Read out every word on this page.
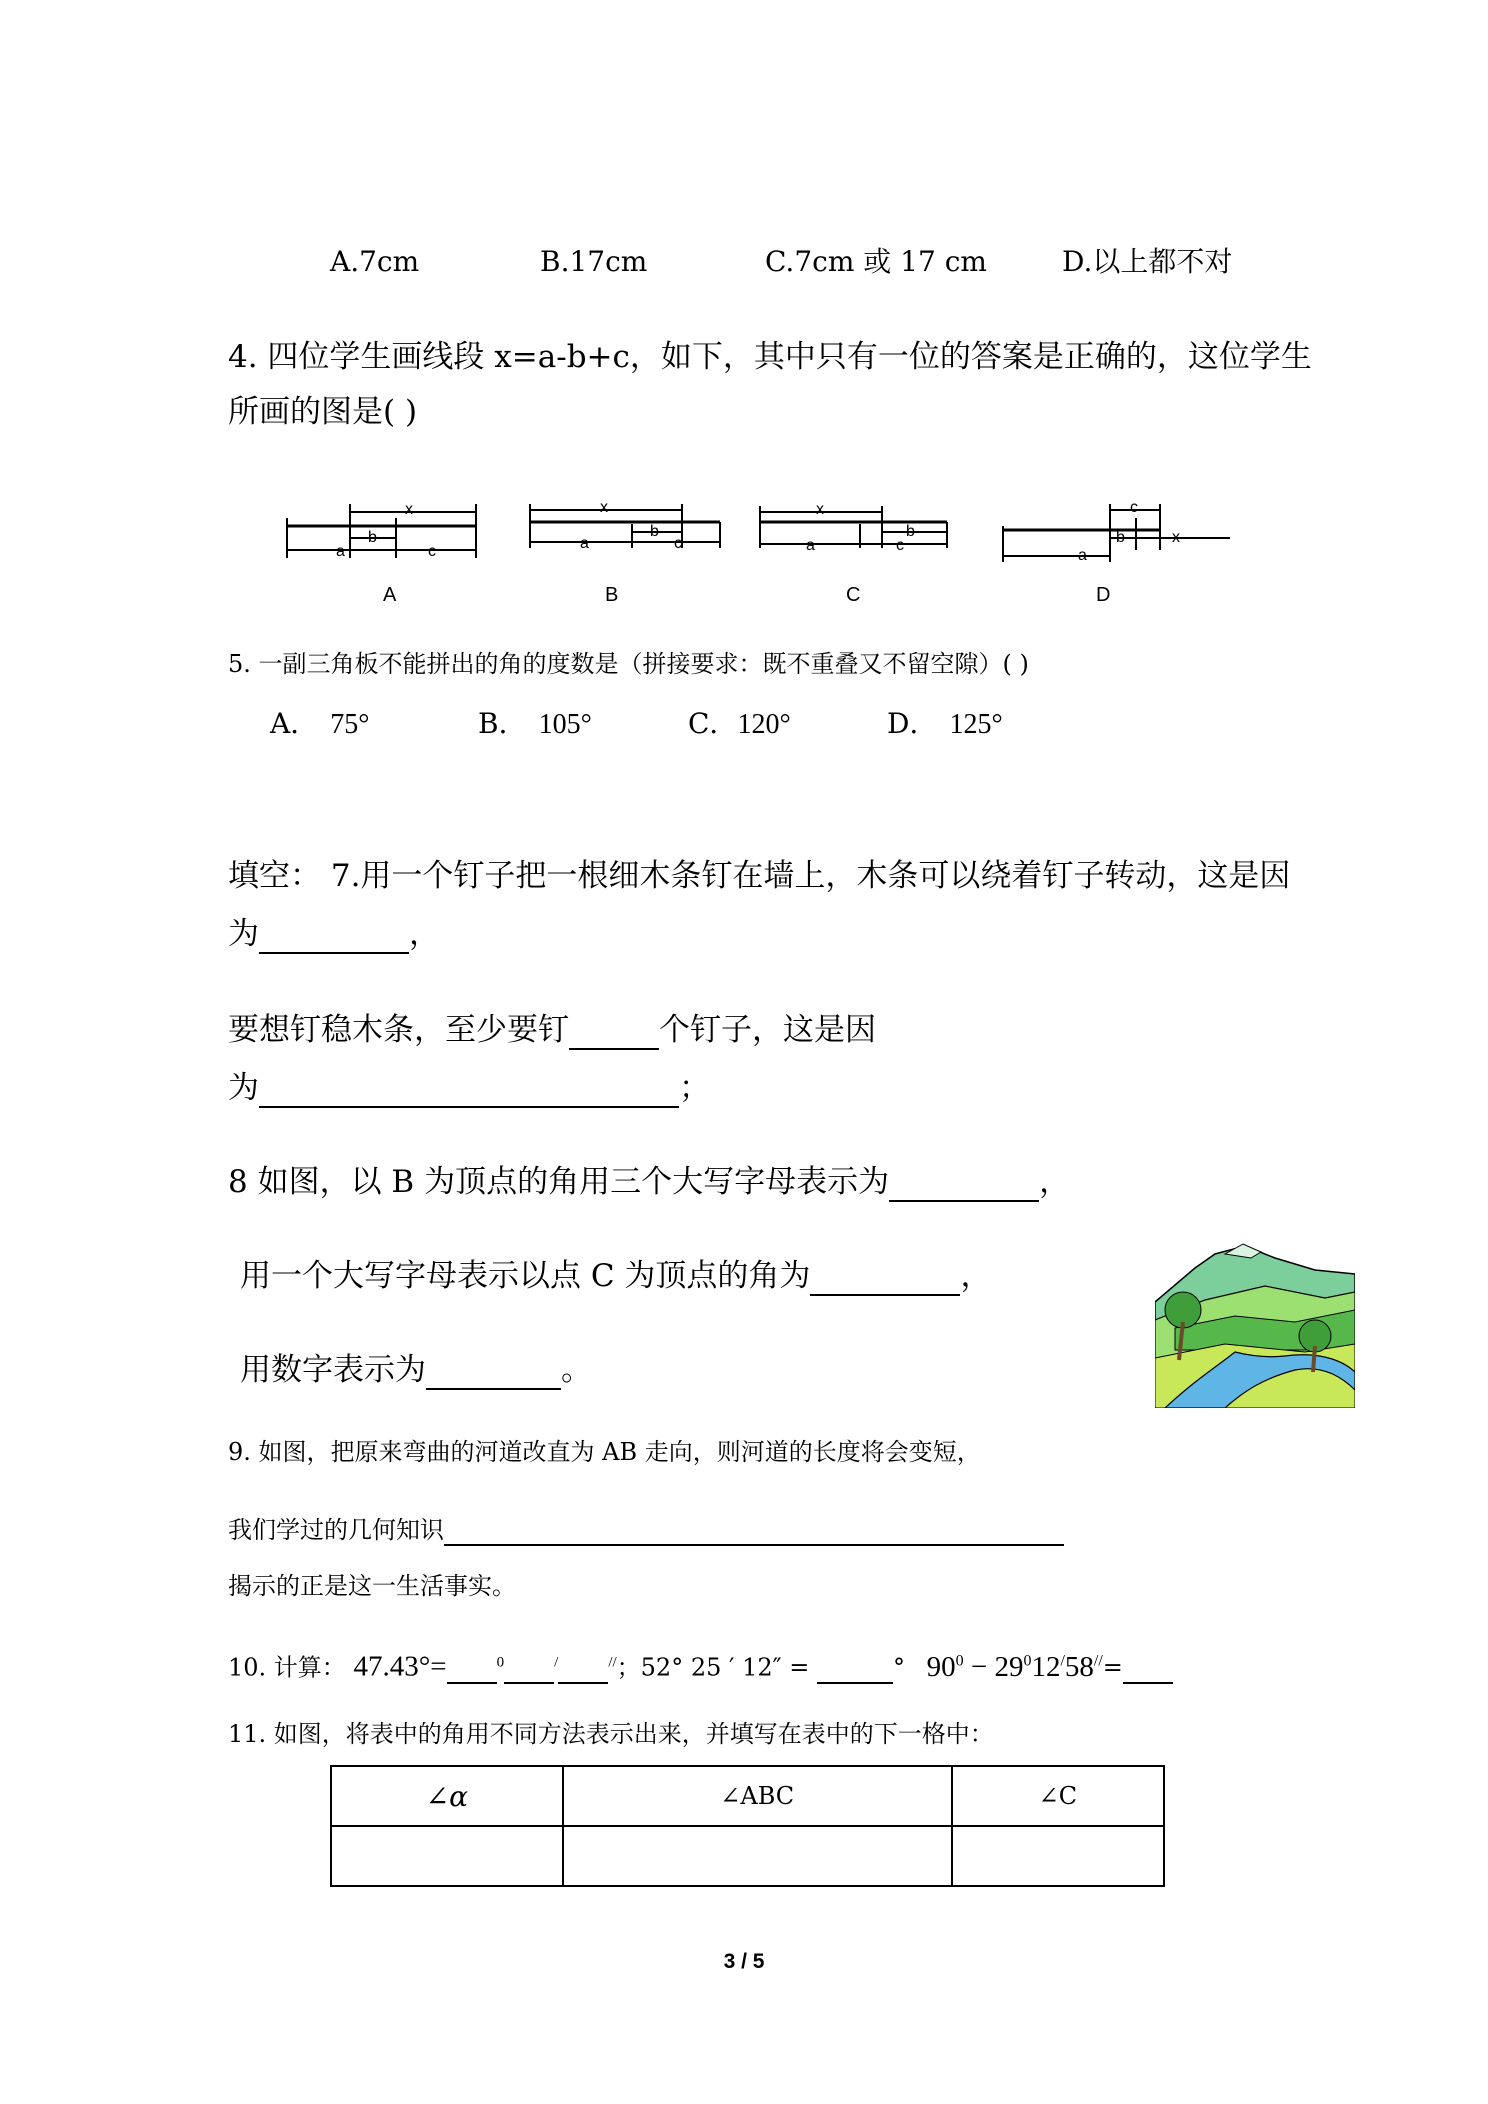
A.7cm	B.17cm	C.7cm 或 17 cm	D.以上都不对
4. 四位学生画线段 x=a-b+c，如下，其中只有一位的答案是正确的，这位学生
所画的图是( )
x
b
a	c
A
x
b
a	c
B
x
b
a	c
C
c
b	x
a
D
5. 一副三角板不能拼出的角的度数是（拼接要求：既不重叠又不留空隙）( )
A． 75°	B． 105°	C．120°	D． 125°
填空： 7.用一个钉子把一根细木条钉在墙上，木条可以绕着钉子转动，这是因
为	，
要想钉稳木条，至少要钉	个钉子，这是因
为	；
8 如图，以 B 为顶点的角用三个大写字母表示为	，
用一个大写字母表示以点 C 为顶点的角为	，
用数字表示为	。
9. 如图，把原来弯曲的河道改直为 AB 走向，则河道的长度将会变短，
我们学过的几何知识
揭示的正是这一生活事实。
10. 计算： 47.43°=	$^0$	/	//；52° 25 ′ 12″ =	° $90^0 - 29^012^/58^{//}=$
11. 如图，将表中的角用不同方法表示出来，并填写在表中的下一格中：
∠α	∠ABC	∠C

3 / 5
